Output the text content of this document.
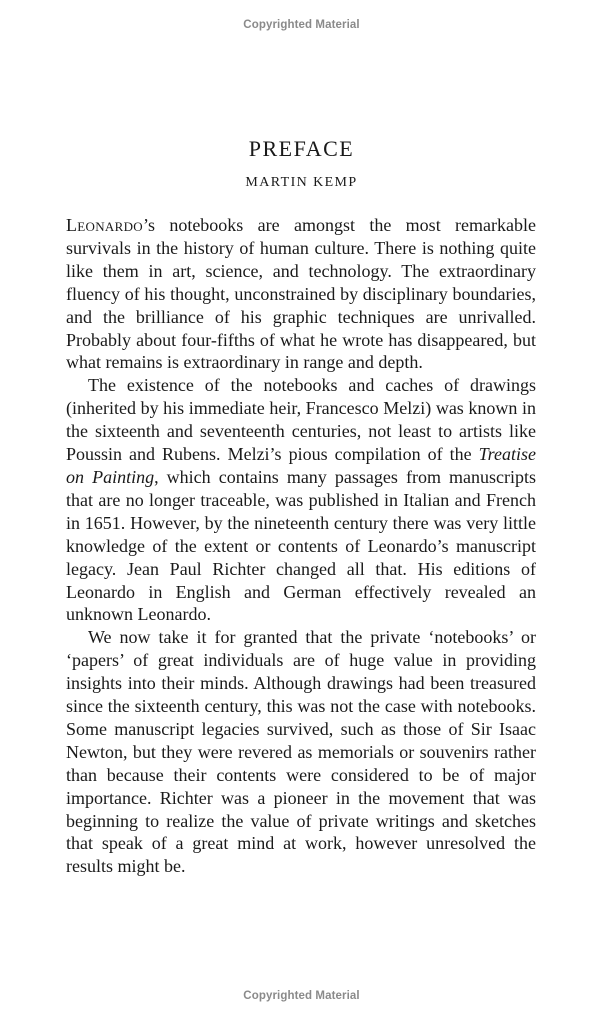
Copyrighted Material
PREFACE
MARTIN KEMP

Leonardo’s notebooks are amongst the most remarkable survivals in the history of human culture. There is nothing quite like them in art, science, and technology. The extraordinary fluency of his thought, unconstrained by disciplinary boundaries, and the brilliance of his graphic techniques are unrivalled. Probably about four-fifths of what he wrote has disappeared, but what remains is extraordinary in range and depth.

The existence of the notebooks and caches of drawings (inherited by his immediate heir, Francesco Melzi) was known in the sixteenth and seventeenth centuries, not least to artists like Poussin and Rubens. Melzi’s pious compilation of the Treatise on Painting, which contains many passages from manuscripts that are no longer traceable, was published in Italian and French in 1651. However, by the nineteenth century there was very little knowledge of the extent or contents of Leonardo’s manuscript legacy. Jean Paul Richter changed all that. His editions of Leonardo in English and German effectively revealed an unknown Leonardo.

We now take it for granted that the private ‘notebooks’ or ‘papers’ of great individuals are of huge value in providing insights into their minds. Although drawings had been treasured since the sixteenth century, this was not the case with notebooks. Some manuscript legacies survived, such as those of Sir Isaac Newton, but they were revered as memorials or souvenirs rather than because their contents were considered to be of major importance. Richter was a pioneer in the movement that was beginning to realize the value of private writings and sketches that speak of a great mind at work, however unresolved the results might be.

Copyrighted Material
